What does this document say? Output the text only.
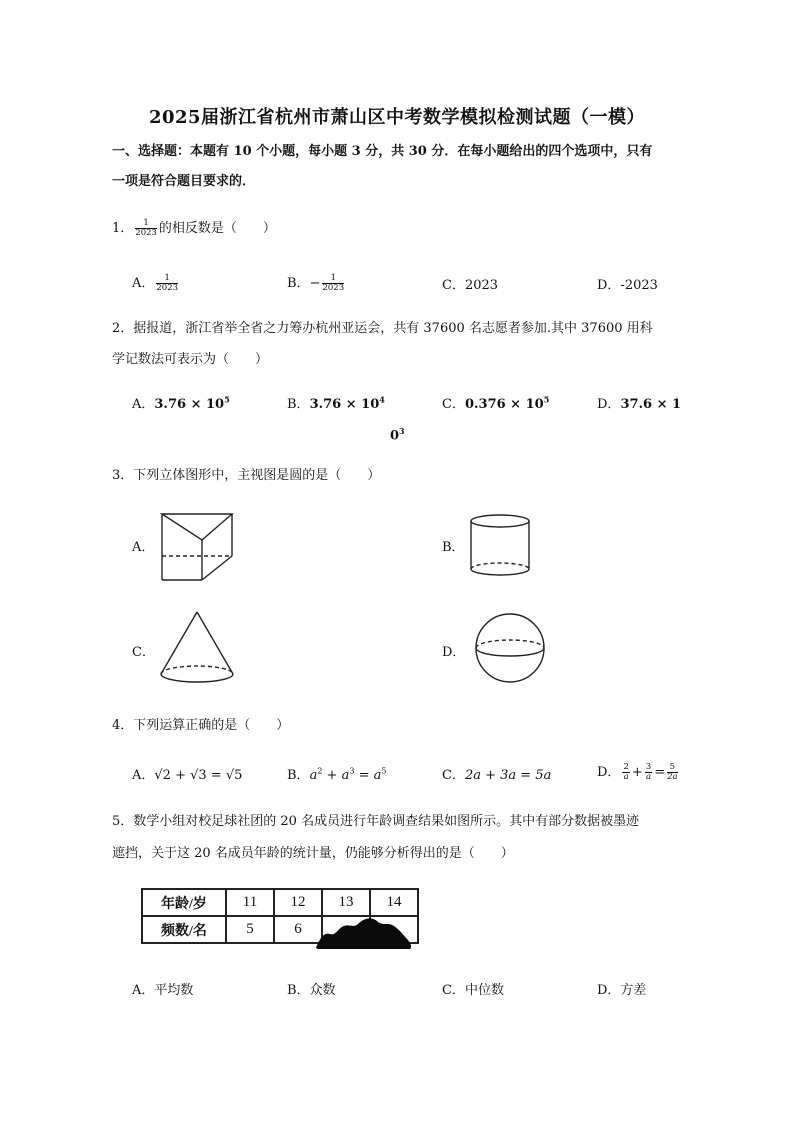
2025届浙江省杭州市萧山区中考数学模拟检测试题（一模）
一、选择题：本题有 10 个小题，每小题 3 分，共 30 分．在每小题给出的四个选项中，只有
一项是符合题目要求的．
1． $\frac{1}{2023}$ 的相反数是（　　）
A． $\frac{1}{2023}$	B．− $\frac{1}{2023}$	C．2023	D．-2023
2．据报道，浙江省举全省之力筹办杭州亚运会，共有 37600 名志愿者参加.其中 37600 用科
学记数法可表示为（　　）
A．$3.76 \times 10^5$	B．$3.76 \times 10^4$	C．$0.376 \times 10^5$	D．37.6 × 1
$0^3$
3．下列立体图形中，主视图是圆的是（　　）
A．	B．
C．	D．
4．下列运算正确的是（　　）
A．√2 + √3 = √5	B．$a^2 + a^3 = a^5$	C．2a + 3a = 5a	D． $\frac{2}{a} + \frac{3}{a} = \frac{5}{2a}$
5．数学小组对校足球社团的 20 名成员进行年龄调查结果如图所示。其中有部分数据被墨迹
遮挡，关于这 20 名成员年龄的统计量，仍能够分析得出的是（　　）
年龄/岁	11	12	13	14
频数/名	5	6		
A．平均数	B．众数	C．中位数	D．方差
